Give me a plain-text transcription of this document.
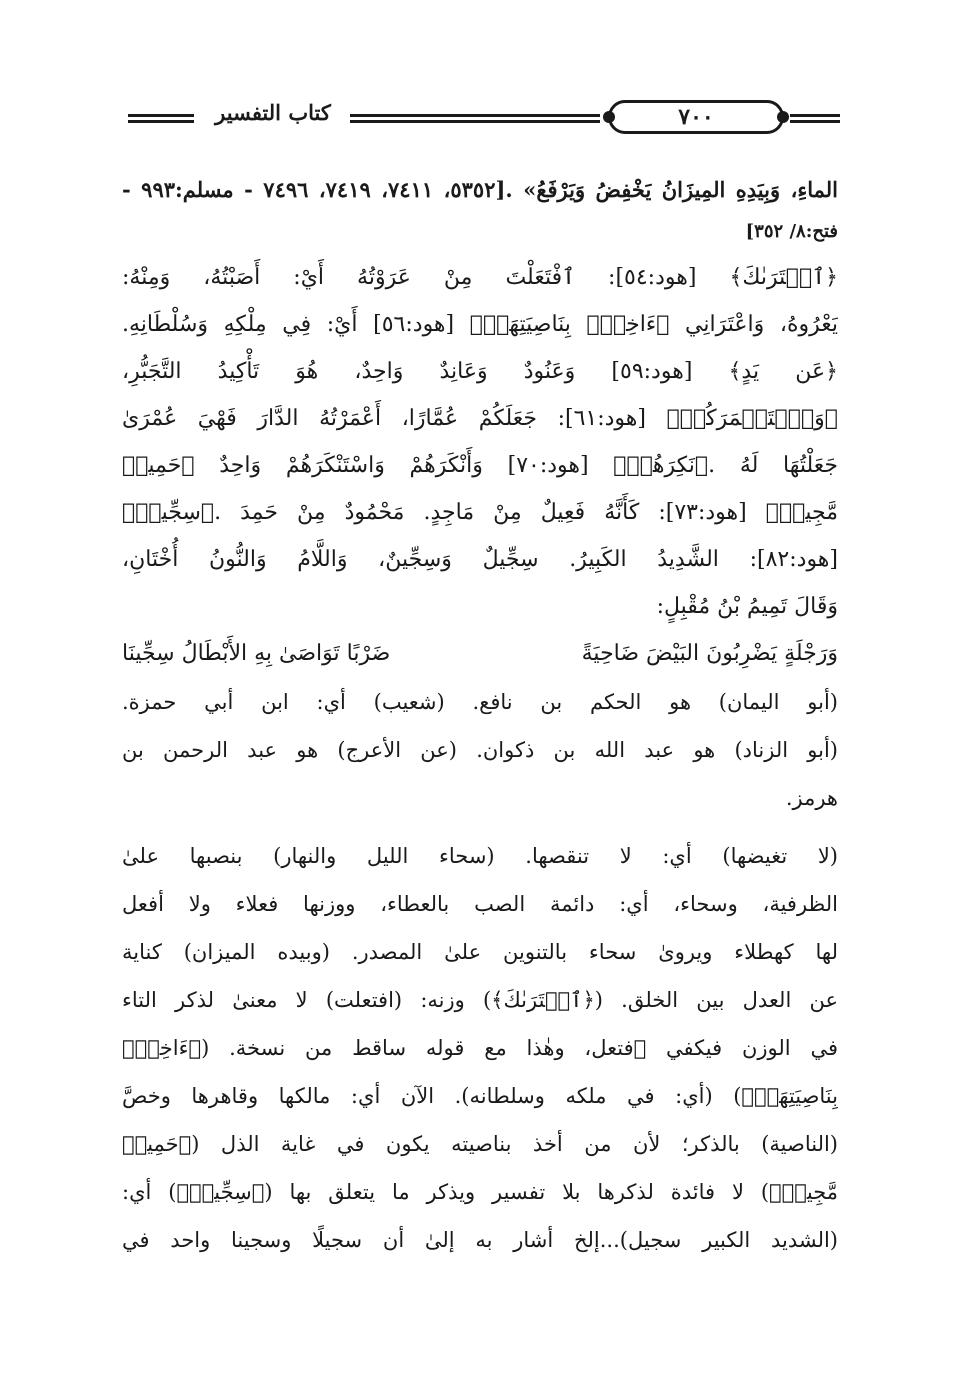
كتاب التفسير	٧٠٠
الماءِ، وَبِيَدِهِ المِيزَانُ يَخْفِضُ وَيَرْفَعُ» .[٥٣٥٢، ٧٤١١، ٧٤١٩، ٧٤٩٦ - مسلم:٩٩٣ -
فتح:٨/ ٣٥٢]
﴿ٱعۡتَرَىٰكَ﴾ [هود:٥٤]: ٱفْتَعَلْتَ مِنْ عَرَوْتُهُ أَيْ: أَصَبْتُهُ، وَمِنْهُ:
يَعْرُوهُ، وَاعْتَرَانِي ﴿ءَاخِذُۢ بِنَاصِيَتِهَآۚ﴾ [هود:٥٦] أَيْ: فِي مِلْكِهِ وَسُلْطَانِهِ.
﴿عَن يَدٍ﴾ [هود:٥٩] وَعَنُودٌ وَعَانِدٌ وَاحِدٌ، هُوَ تَأْكِيدُ التَّجَبُّرِ،
﴿وَٱسۡتَعۡمَرَكُمۡ﴾ [هود:٦١]: جَعَلَكُمْ عُمَّارًا، أَعْمَرْتُهُ الدَّارَ فَهْيَ عُمْرَىٰ
جَعَلْتُهَا لَهُ .﴿نَكِرَهُمۡ﴾ [هود:٧٠] وَأَنْكَرَهُمْ وَاسْتَنْكَرَهُمْ وَاحِدٌ ﴿حَمِيدٞ
مَّجِيدٞ﴾ [هود:٧٣]: كَأَنَّهُ فَعِيلٌ مِنْ مَاجِدٍ. مَحْمُودٌ مِنْ حَمِدَ .﴿سِجِّيلٖ﴾
[هود:٨٢]: الشَّدِيدُ الكَبِيرُ. سِجِّيلٌ وَسِجِّينٌ، وَاللَّامُ وَالنُّونُ أُخْتَانِ،
وَقَالَ تَمِيمُ بْنُ مُقْبِلٍ:
وَرَجْلَةٍ يَضْرِبُونَ البَيْضَ ضَاحِيَةً
ضَرْبًا تَوَاصَىٰ بِهِ الأَبْطَالُ سِجِّينَا
(أبو اليمان) هو الحكم بن نافع. (شعيب) أي: ابن أبي حمزة.
(أبو الزناد) هو عبد الله بن ذكوان. (عن الأعرج) هو عبد الرحمن بن
هرمز.
(لا تغيضها) أي: لا تنقصها. (سحاء الليل والنهار) بنصبها علىٰ
الظرفية، وسحاء، أي: دائمة الصب بالعطاء، ووزنها فعلاء ولا أفعل
لها كهطلاء ويروىٰ سحاء بالتنوين علىٰ المصدر. (وبيده الميزان) كناية
عن العدل بين الخلق. (﴿ٱعۡتَرَىٰكَ﴾) وزنه: (افتعلت) لا معنىٰ لذكر التاء
في الوزن فيكفي ٱفتعل، وهٰذا مع قوله ساقط من نسخة. (﴿ءَاخِذُۢ
بِنَاصِيَتِهَآۚ﴾) (أي: في ملكه وسلطانه). الآن أي: مالكها وقاهرها وخصَّ
(الناصية) بالذكر؛ لأن من أخذ بناصيته يكون في غاية الذل (﴿حَمِيدٞ
مَّجِيدٞ﴾) لا فائدة لذكرها بلا تفسير ويذكر ما يتعلق بها (﴿سِجِّيلٖ﴾) أي:
(الشديد الكبير سجيل)...إلخ أشار به إلىٰ أن سجيلًا وسجينا واحد في
